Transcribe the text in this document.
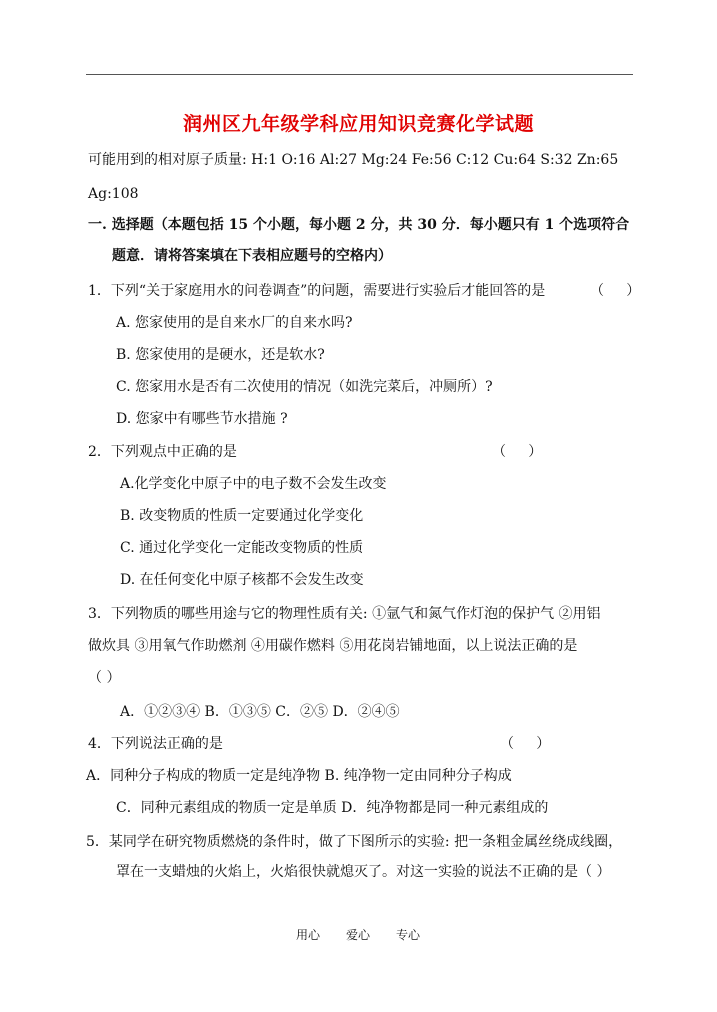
润州区九年级学科应用知识竞赛化学试题
可能用到的相对原子质量: H:1 O:16 Al:27 Mg:24 Fe:56 C:12 Cu:64 S:32 Zn:65
Ag:108
一. 选择题（本题包括 15 个小题，每小题 2 分，共 30 分．每小题只有 1 个选项符合
题意．请将答案填在下表相应题号的空格内）
1．下列“关于家庭用水的问卷调查”的问题，需要进行实验后才能回答的是	（     ）
A. 您家使用的是自来水厂的自来水吗?
B. 您家使用的是硬水，还是软水?
C. 您家用水是否有二次使用的情况（如洗完菜后，冲厕所）?
D. 您家中有哪些节水措施 ?
2．下列观点中正确的是	（     ）
A.化学变化中原子中的电子数不会发生改变
B. 改变物质的性质一定要通过化学变化
C. 通过化学变化一定能改变物质的性质
D. 在任何变化中原子核都不会发生改变
3．下列物质的哪些用途与它的物理性质有关: ①氩气和氮气作灯泡的保护气 ②用铝
做炊具 ③用氧气作助燃剂 ④用碳作燃料 ⑤用花岗岩铺地面，以上说法正确的是
（ ）
A．①②③④ B．①③⑤ C．②⑤ D．②④⑤
4．下列说法正确的是	（     ）
A．同种分子构成的物质一定是纯净物 B. 纯净物一定由同种分子构成
C．同种元素组成的物质一定是单质 D．纯净物都是同一种元素组成的
5．某同学在研究物质燃烧的条件时，做了下图所示的实验: 把一条粗金属丝绕成线圈，
罩在一支蜡烛的火焰上，火焰很快就熄灭了。对这一实验的说法不正确的是（ ）
用心 爱心 专心
